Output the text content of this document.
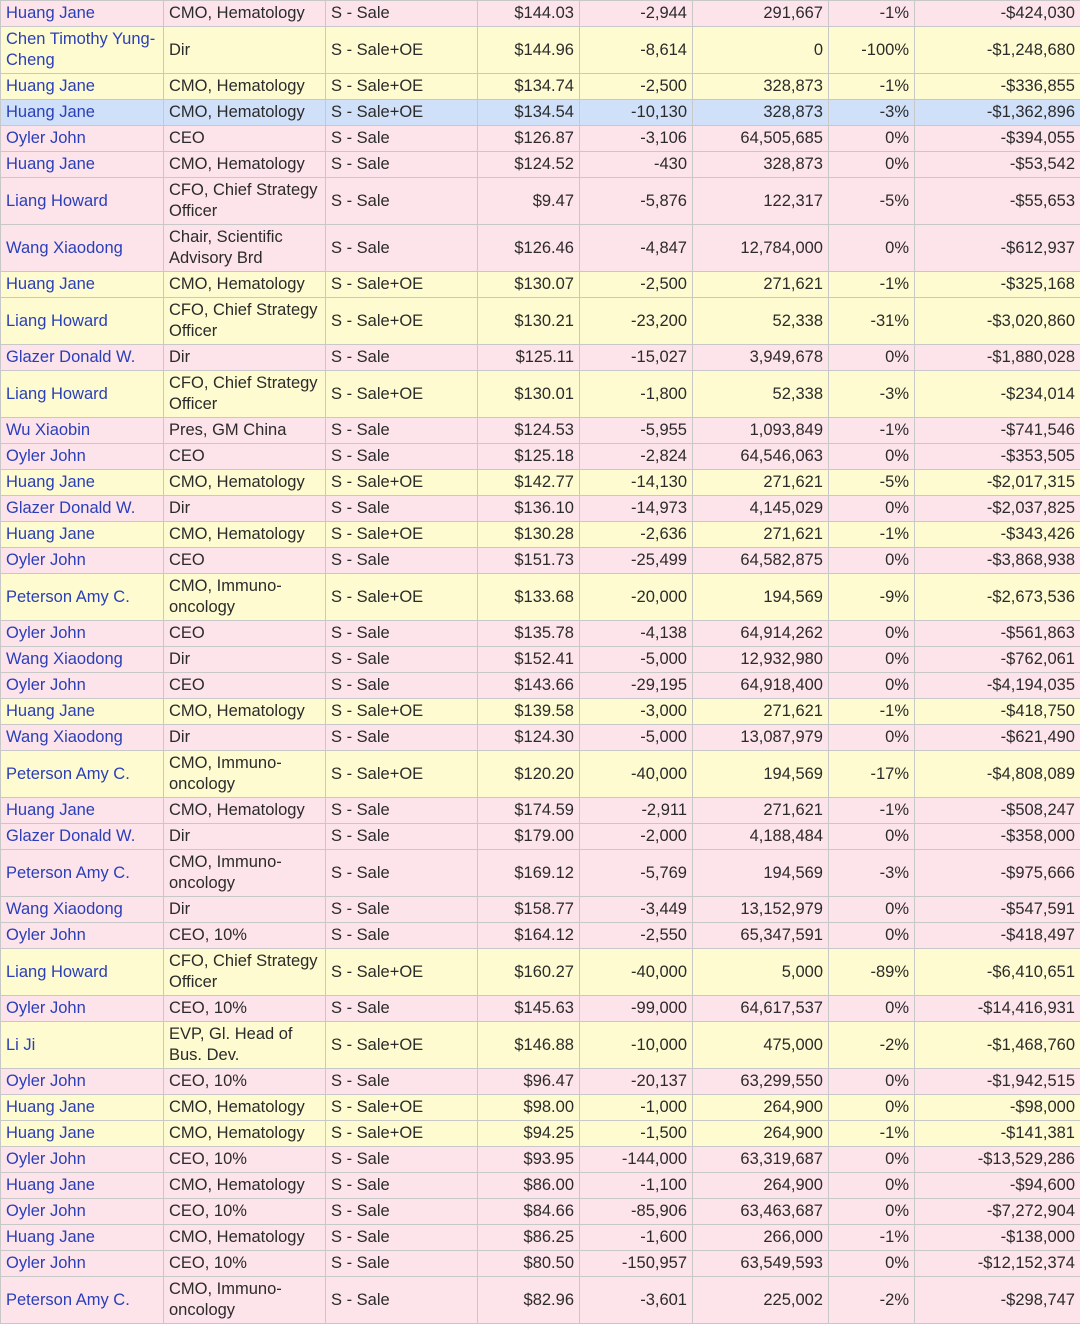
Huang Jane	CMO, Hematology	S - Sale	$144.03	-2,944	291,667	-1%	-$424,030
Chen Timothy Yung-Cheng	Dir	S - Sale+OE	$144.96	-8,614	0	-100%	-$1,248,680
Huang Jane	CMO, Hematology	S - Sale+OE	$134.74	-2,500	328,873	-1%	-$336,855
Huang Jane	CMO, Hematology	S - Sale+OE	$134.54	-10,130	328,873	-3%	-$1,362,896
Oyler John	CEO	S - Sale	$126.87	-3,106	64,505,685	0%	-$394,055
Huang Jane	CMO, Hematology	S - Sale	$124.52	-430	328,873	0%	-$53,542
Liang Howard	CFO, Chief Strategy Officer	S - Sale	$9.47	-5,876	122,317	-5%	-$55,653
Wang Xiaodong	Chair, Scientific Advisory Brd	S - Sale	$126.46	-4,847	12,784,000	0%	-$612,937
Huang Jane	CMO, Hematology	S - Sale+OE	$130.07	-2,500	271,621	-1%	-$325,168
Liang Howard	CFO, Chief Strategy Officer	S - Sale+OE	$130.21	-23,200	52,338	-31%	-$3,020,860
Glazer Donald W.	Dir	S - Sale	$125.11	-15,027	3,949,678	0%	-$1,880,028
Liang Howard	CFO, Chief Strategy Officer	S - Sale+OE	$130.01	-1,800	52,338	-3%	-$234,014
Wu Xiaobin	Pres, GM China	S - Sale	$124.53	-5,955	1,093,849	-1%	-$741,546
Oyler John	CEO	S - Sale	$125.18	-2,824	64,546,063	0%	-$353,505
Huang Jane	CMO, Hematology	S - Sale+OE	$142.77	-14,130	271,621	-5%	-$2,017,315
Glazer Donald W.	Dir	S - Sale	$136.10	-14,973	4,145,029	0%	-$2,037,825
Huang Jane	CMO, Hematology	S - Sale+OE	$130.28	-2,636	271,621	-1%	-$343,426
Oyler John	CEO	S - Sale	$151.73	-25,499	64,582,875	0%	-$3,868,938
Peterson Amy C.	CMO, Immuno-oncology	S - Sale+OE	$133.68	-20,000	194,569	-9%	-$2,673,536
Oyler John	CEO	S - Sale	$135.78	-4,138	64,914,262	0%	-$561,863
Wang Xiaodong	Dir	S - Sale	$152.41	-5,000	12,932,980	0%	-$762,061
Oyler John	CEO	S - Sale	$143.66	-29,195	64,918,400	0%	-$4,194,035
Huang Jane	CMO, Hematology	S - Sale+OE	$139.58	-3,000	271,621	-1%	-$418,750
Wang Xiaodong	Dir	S - Sale	$124.30	-5,000	13,087,979	0%	-$621,490
Peterson Amy C.	CMO, Immuno-oncology	S - Sale+OE	$120.20	-40,000	194,569	-17%	-$4,808,089
Huang Jane	CMO, Hematology	S - Sale	$174.59	-2,911	271,621	-1%	-$508,247
Glazer Donald W.	Dir	S - Sale	$179.00	-2,000	4,188,484	0%	-$358,000
Peterson Amy C.	CMO, Immuno-oncology	S - Sale	$169.12	-5,769	194,569	-3%	-$975,666
Wang Xiaodong	Dir	S - Sale	$158.77	-3,449	13,152,979	0%	-$547,591
Oyler John	CEO, 10%	S - Sale	$164.12	-2,550	65,347,591	0%	-$418,497
Liang Howard	CFO, Chief Strategy Officer	S - Sale+OE	$160.27	-40,000	5,000	-89%	-$6,410,651
Oyler John	CEO, 10%	S - Sale	$145.63	-99,000	64,617,537	0%	-$14,416,931
Li Ji	EVP, Gl. Head of Bus. Dev.	S - Sale+OE	$146.88	-10,000	475,000	-2%	-$1,468,760
Oyler John	CEO, 10%	S - Sale	$96.47	-20,137	63,299,550	0%	-$1,942,515
Huang Jane	CMO, Hematology	S - Sale+OE	$98.00	-1,000	264,900	0%	-$98,000
Huang Jane	CMO, Hematology	S - Sale+OE	$94.25	-1,500	264,900	-1%	-$141,381
Oyler John	CEO, 10%	S - Sale	$93.95	-144,000	63,319,687	0%	-$13,529,286
Huang Jane	CMO, Hematology	S - Sale	$86.00	-1,100	264,900	0%	-$94,600
Oyler John	CEO, 10%	S - Sale	$84.66	-85,906	63,463,687	0%	-$7,272,904
Huang Jane	CMO, Hematology	S - Sale	$86.25	-1,600	266,000	-1%	-$138,000
Oyler John	CEO, 10%	S - Sale	$80.50	-150,957	63,549,593	0%	-$12,152,374
Peterson Amy C.	CMO, Immuno-oncology	S - Sale	$82.96	-3,601	225,002	-2%	-$298,747
